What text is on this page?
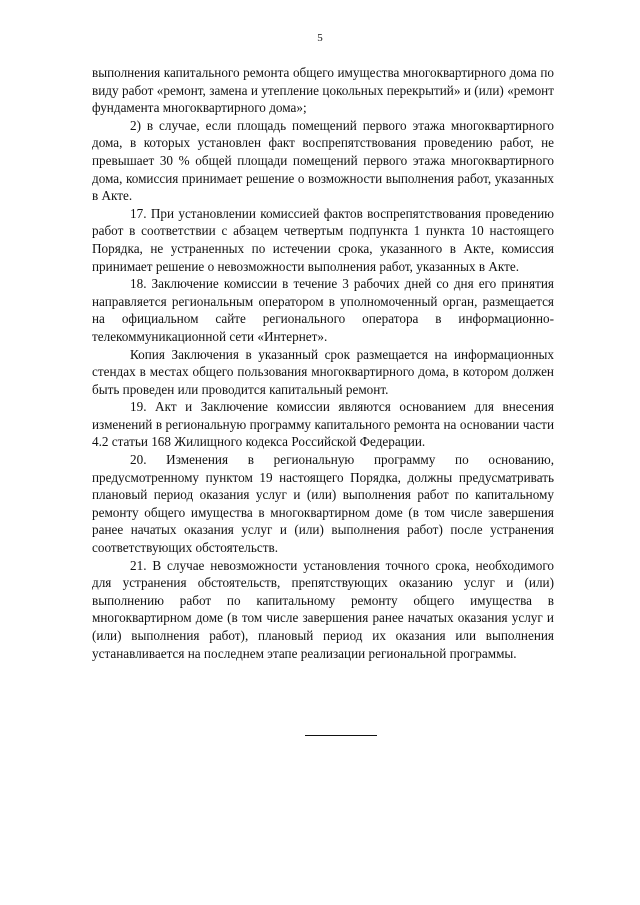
5

выполнения капитального ремонта общего имущества многоквартирного дома по виду работ «ремонт, замена и утепление цокольных перекрытий» и (или) «ремонт фундамента многоквартирного дома»;

2) в случае, если площадь помещений первого этажа многоквартирного дома, в которых установлен факт воспрепятствования проведению работ, не превышает 30 % общей площади помещений первого этажа многоквартирного дома, комиссия принимает решение о возможности выполнения работ, указанных в Акте.

17. При установлении комиссией фактов воспрепятствования проведению работ в соответствии с абзацем четвертым подпункта 1 пункта 10 настоящего Порядка, не устраненных по истечении срока, указанного в Акте, комиссия принимает решение о невозможности выполнения работ, указанных в Акте.

18. Заключение комиссии в течение 3 рабочих дней со дня его принятия направляется региональным оператором в уполномоченный орган, размещается на официальном сайте регионального оператора в информационно-телекоммуникационной сети «Интернет».

Копия Заключения в указанный срок размещается на информационных стендах в местах общего пользования многоквартирного дома, в котором должен быть проведен или проводится капитальный ремонт.

19. Акт и Заключение комиссии являются основанием для внесения изменений в региональную программу капитального ремонта на основании части 4.2 статьи 168 Жилищного кодекса Российской Федерации.

20. Изменения в региональную программу по основанию, предусмотренному пунктом 19 настоящего Порядка, должны предусматривать плановый период оказания услуг и (или) выполнения работ по капитальному ремонту общего имущества в многоквартирном доме (в том числе завершения ранее начатых оказания услуг и (или) выполнения работ) после устранения соответствующих обстоятельств.

21. В случае невозможности установления точного срока, необходимого для устранения обстоятельств, препятствующих оказанию услуг и (или) выполнению работ по капитальному ремонту общего имущества в многоквартирном доме (в том числе завершения ранее начатых оказания услуг и (или) выполнения работ), плановый период их оказания или выполнения устанавливается на последнем этапе реализации региональной программы.
